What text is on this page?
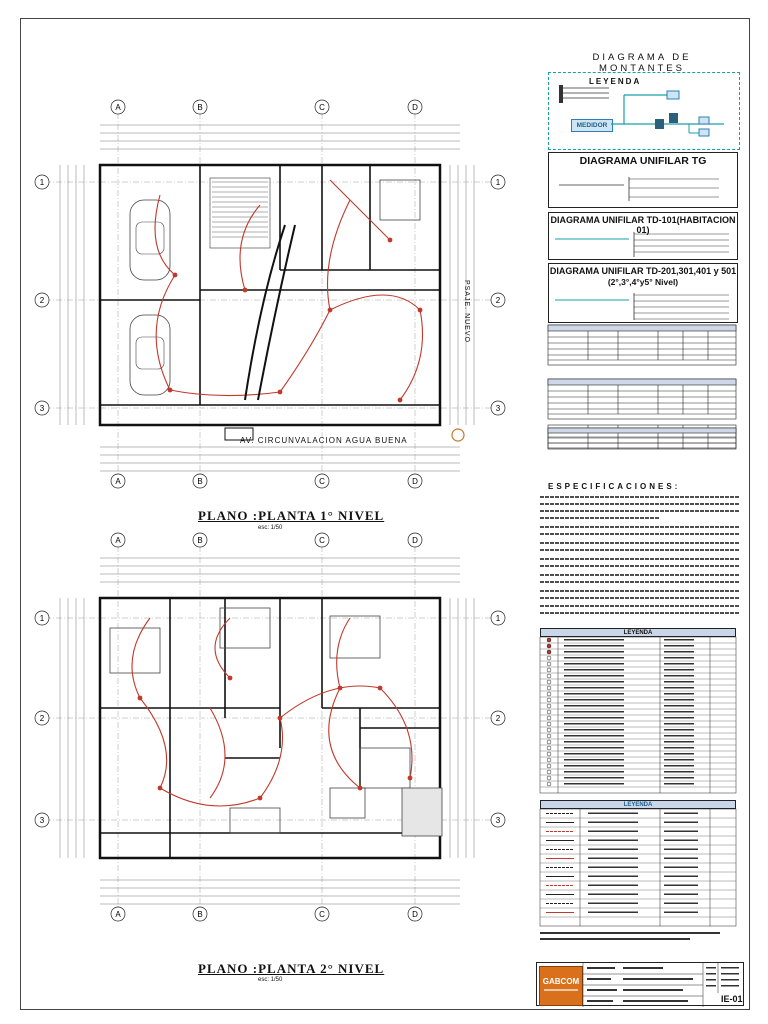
DIAGRAMA DE MONTANTES
LEYENDA
MEDIDOR
DIAGRAMA UNIFILAR TG
DIAGRAMA UNIFILAR TD-101(HABITACION 01)
DIAGRAMA UNIFILAR TD-201,301,401 y 501
(2°,3°,4°y5° Nivel)
ESPECIFICACIONES:
LEYENDA
LEYENDA
GABCOM
IE-01
A
A
B
B
C
C
D
D
1	1
2	2
3	3
PLANO :PLANTA 1° NIVEL
esc: 1/50
A
A
B
B
C
C
D
D
1	1
2	2
3	3
PLANO :PLANTA 2° NIVEL
esc: 1/50
AV. CIRCUNVALACION AGUA BUENA
PSAJE. NUEVO
